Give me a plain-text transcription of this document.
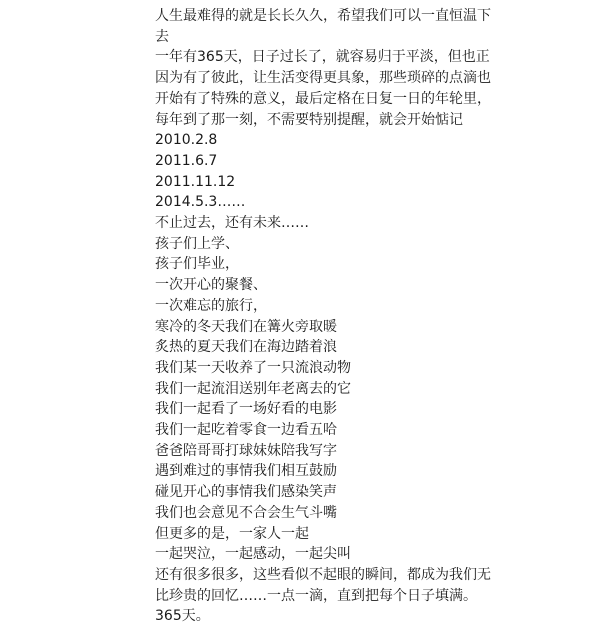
人生最难得的就是长长久久，希望我们可以一直恒温下

去

一年有365天，日子过长了，就容易归于平淡，但也正

因为有了彼此，让生活变得更具象，那些琐碎的点滴也

开始有了特殊的意义，最后定格在日复一日的年轮里，

每年到了那一刻，不需要特别提醒，就会开始惦记

2010.2.8

2011.6.7

2011.11.12

2014.5.3……

不止过去，还有未来……

孩子们上学、

孩子们毕业，

一次开心的聚餐、

一次难忘的旅行，

寒冷的冬天我们在篝火旁取暖

炙热的夏天我们在海边踏着浪

我们某一天收养了一只流浪动物

我们一起流泪送别年老离去的它

我们一起看了一场好看的电影

我们一起吃着零食一边看五哈

爸爸陪哥哥打球妹妹陪我写字

遇到难过的事情我们相互鼓励

碰见开心的事情我们感染笑声

我们也会意见不合会生气斗嘴

但更多的是，一家人一起

一起哭泣，一起感动，一起尖叫

还有很多很多，这些看似不起眼的瞬间，都成为我们无

比珍贵的回忆……一点一滴，直到把每个日子填满。

365天。
